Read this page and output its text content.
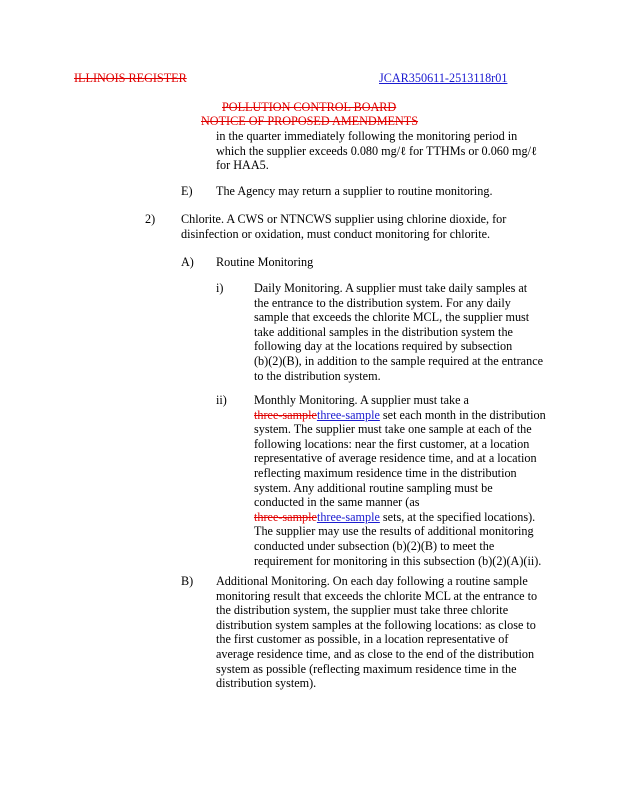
ILLINOIS REGISTER	JCAR350611-2513118r01
POLLUTION CONTROL BOARD
NOTICE OF PROPOSED AMENDMENTS

in the quarter immediately following the monitoring period in

which the supplier exceeds 0.080 mg/ℓ for TTHMs or 0.060 mg/ℓ

for HAA5.

E) The Agency may return a supplier to routine monitoring.

2) Chlorite. A CWS or NTNCWS supplier using chlorine dioxide, for

disinfection or oxidation, must conduct monitoring for chlorite.

A) Routine Monitoring

i)	Daily Monitoring. A supplier must take daily samples at

the entrance to the distribution system. For any daily

sample that exceeds the chlorite MCL, the supplier must

take additional samples in the distribution system the

following day at the locations required by subsection

(b)(2)(B), in addition to the sample required at the entrance

to the distribution system.

ii) Monthly Monitoring. A supplier must take a

three-samplethree-sample set each month in the distribution

system. The supplier must take one sample at each of the

following locations: near the first customer, at a location

representative of average residence time, and at a location

reflecting maximum residence time in the distribution

system. Any additional routine sampling must be

conducted in the same manner (as

three-samplethree-sample sets, at the specified locations).

The supplier may use the results of additional monitoring

conducted under subsection (b)(2)(B) to meet the

requirement for monitoring in this subsection (b)(2)(A)(ii).

B) Additional Monitoring. On each day following a routine sample

monitoring result that exceeds the chlorite MCL at the entrance to

the distribution system, the supplier must take three chlorite

distribution system samples at the following locations: as close to

the first customer as possible, in a location representative of

average residence time, and as close to the end of the distribution

system as possible (reflecting maximum residence time in the

distribution system).
